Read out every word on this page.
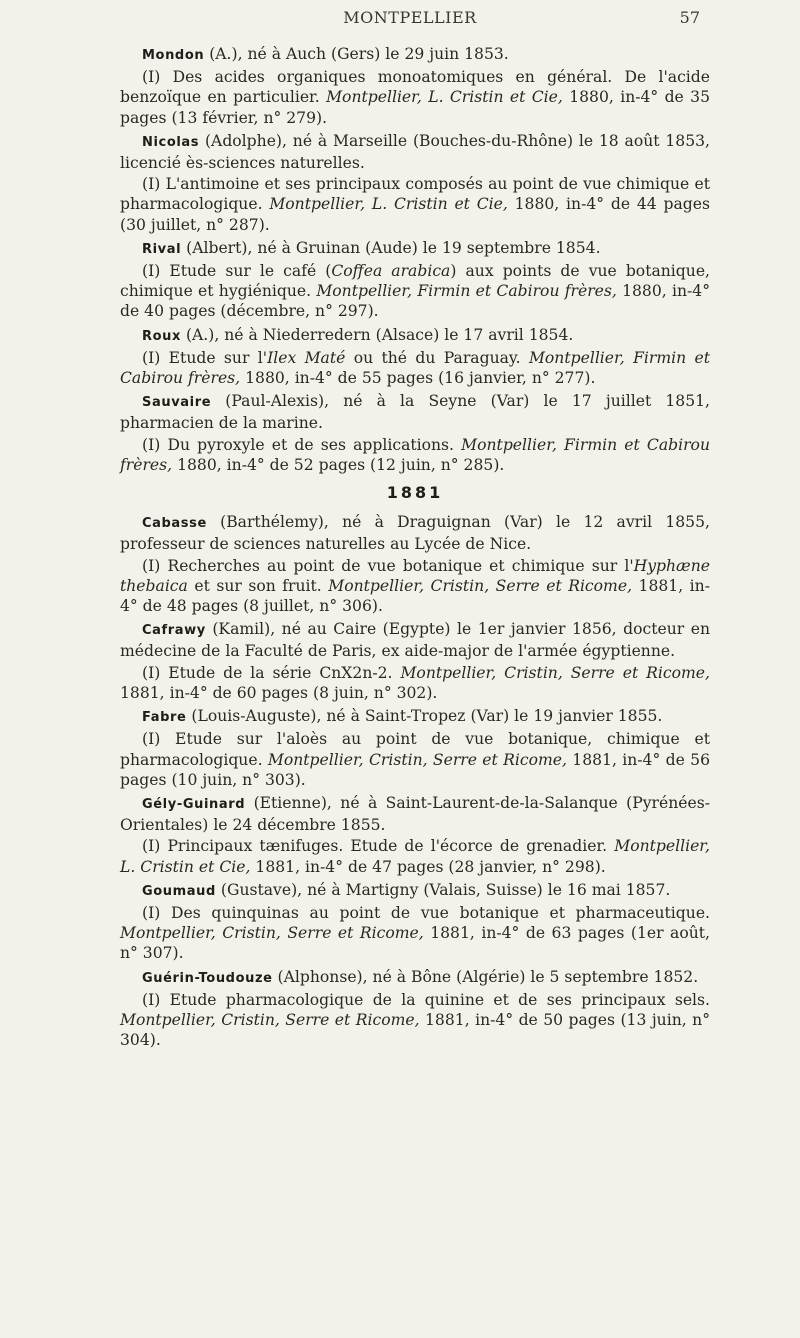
MONTPELLIER	57

Mondon (A.), né à Auch (Gers) le 29 juin 1853.

(I) Des acides organiques monoatomiques en général. De l'acide benzoïque en particulier. Montpellier, L. Cristin et Cie, 1880, in-4° de 35 pages (13 février, n° 279).

Nicolas (Adolphe), né à Marseille (Bouches-du-Rhône) le 18 août 1853, licencié ès-sciences naturelles.

(I) L'antimoine et ses principaux composés au point de vue chimique et pharmacologique. Montpellier, L. Cristin et Cie, 1880, in-4° de 44 pages (30 juillet, n° 287).

Rival (Albert), né à Gruinan (Aude) le 19 septembre 1854.

(I) Etude sur le café (Coffea arabica) aux points de vue botanique, chimique et hygiénique. Montpellier, Firmin et Cabirou frères, 1880, in-4° de 40 pages (décembre, n° 297).

Roux (A.), né à Niederredern (Alsace) le 17 avril 1854.

(I) Etude sur l'Ilex Maté ou thé du Paraguay. Montpellier, Firmin et Cabirou frères, 1880, in-4° de 55 pages (16 janvier, n° 277).

Sauvaire (Paul-Alexis), né à la Seyne (Var) le 17 juillet 1851, pharmacien de la marine.

(I) Du pyroxyle et de ses applications. Montpellier, Firmin et Cabirou frères, 1880, in-4° de 52 pages (12 juin, n° 285).

1881

Cabasse (Barthélemy), né à Draguignan (Var) le 12 avril 1855, professeur de sciences naturelles au Lycée de Nice.

(I) Recherches au point de vue botanique et chimique sur l'Hyphæne thebaica et sur son fruit. Montpellier, Cristin, Serre et Ricome, 1881, in-4° de 48 pages (8 juillet, n° 306).

Cafrawy (Kamil), né au Caire (Egypte) le 1er janvier 1856, docteur en médecine de la Faculté de Paris, ex aide-major de l'armée égyptienne.

(I) Etude de la série CnX2n-2. Montpellier, Cristin, Serre et Ricome, 1881, in-4° de 60 pages (8 juin, n° 302).

Fabre (Louis-Auguste), né à Saint-Tropez (Var) le 19 janvier 1855.

(I) Etude sur l'aloès au point de vue botanique, chimique et pharmacologique. Montpellier, Cristin, Serre et Ricome, 1881, in-4° de 56 pages (10 juin, n° 303).

Gély-Guinard (Etienne), né à Saint-Laurent-de-la-Salanque (Pyrénées-Orientales) le 24 décembre 1855.

(I) Principaux tænifuges. Etude de l'écorce de grenadier. Montpellier, L. Cristin et Cie, 1881, in-4° de 47 pages (28 janvier, n° 298).

Goumaud (Gustave), né à Martigny (Valais, Suisse) le 16 mai 1857.

(I) Des quinquinas au point de vue botanique et pharmaceutique. Montpellier, Cristin, Serre et Ricome, 1881, in-4° de 63 pages (1er août, n° 307).

Guérin-Toudouze (Alphonse), né à Bône (Algérie) le 5 septembre 1852.

(I) Etude pharmacologique de la quinine et de ses principaux sels. Montpellier, Cristin, Serre et Ricome, 1881, in-4° de 50 pages (13 juin, n° 304).
